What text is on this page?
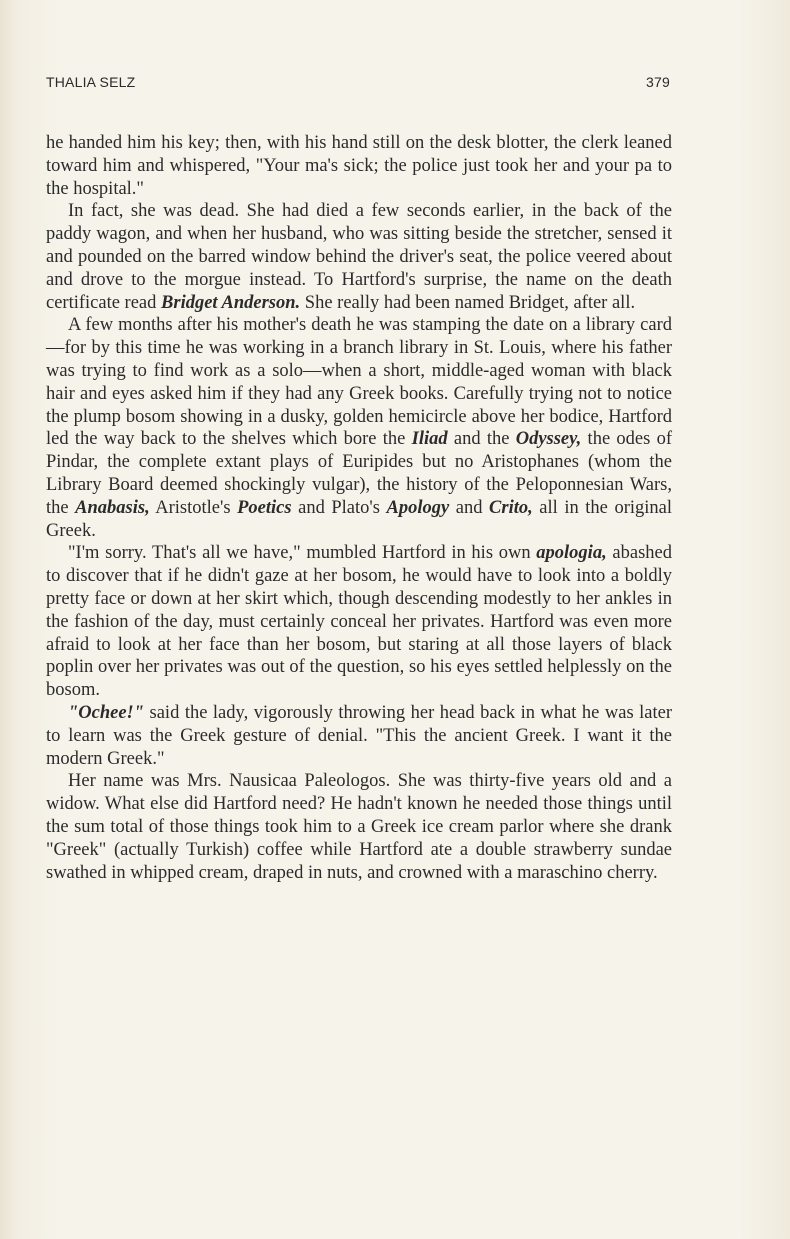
THALIA SELZ	379

he handed him his key; then, with his hand still on the desk blotter, the clerk leaned toward him and whispered, "Your ma's sick; the police just took her and your pa to the hospital."

In fact, she was dead. She had died a few seconds earlier, in the back of the paddy wagon, and when her husband, who was sitting beside the stretcher, sensed it and pounded on the barred window behind the driver's seat, the police veered about and drove to the morgue instead. To Hartford's surprise, the name on the death certificate read Bridget Anderson. She really had been named Bridget, after all.

A few months after his mother's death he was stamping the date on a library card—for by this time he was working in a branch library in St. Louis, where his father was trying to find work as a solo—when a short, middle-aged woman with black hair and eyes asked him if they had any Greek books. Carefully trying not to notice the plump bosom showing in a dusky, golden hemicircle above her bodice, Hartford led the way back to the shelves which bore the Iliad and the Odyssey, the odes of Pindar, the complete extant plays of Euripides but no Aristophanes (whom the Library Board deemed shockingly vulgar), the history of the Peloponnesian Wars, the Anabasis, Aristotle's Poetics and Plato's Apology and Crito, all in the original Greek.

"I'm sorry. That's all we have," mumbled Hartford in his own apologia, abashed to discover that if he didn't gaze at her bosom, he would have to look into a boldly pretty face or down at her skirt which, though descending modestly to her ankles in the fashion of the day, must certainly conceal her privates. Hartford was even more afraid to look at her face than her bosom, but staring at all those layers of black poplin over her privates was out of the question, so his eyes settled helplessly on the bosom.

"Ochee!" said the lady, vigorously throwing her head back in what he was later to learn was the Greek gesture of denial. "This the ancient Greek. I want it the modern Greek."

Her name was Mrs. Nausicaa Paleologos. She was thirty-five years old and a widow. What else did Hartford need? He hadn't known he needed those things until the sum total of those things took him to a Greek ice cream parlor where she drank "Greek" (actually Turkish) coffee while Hartford ate a double strawberry sundae swathed in whipped cream, draped in nuts, and crowned with a maraschino cherry.
